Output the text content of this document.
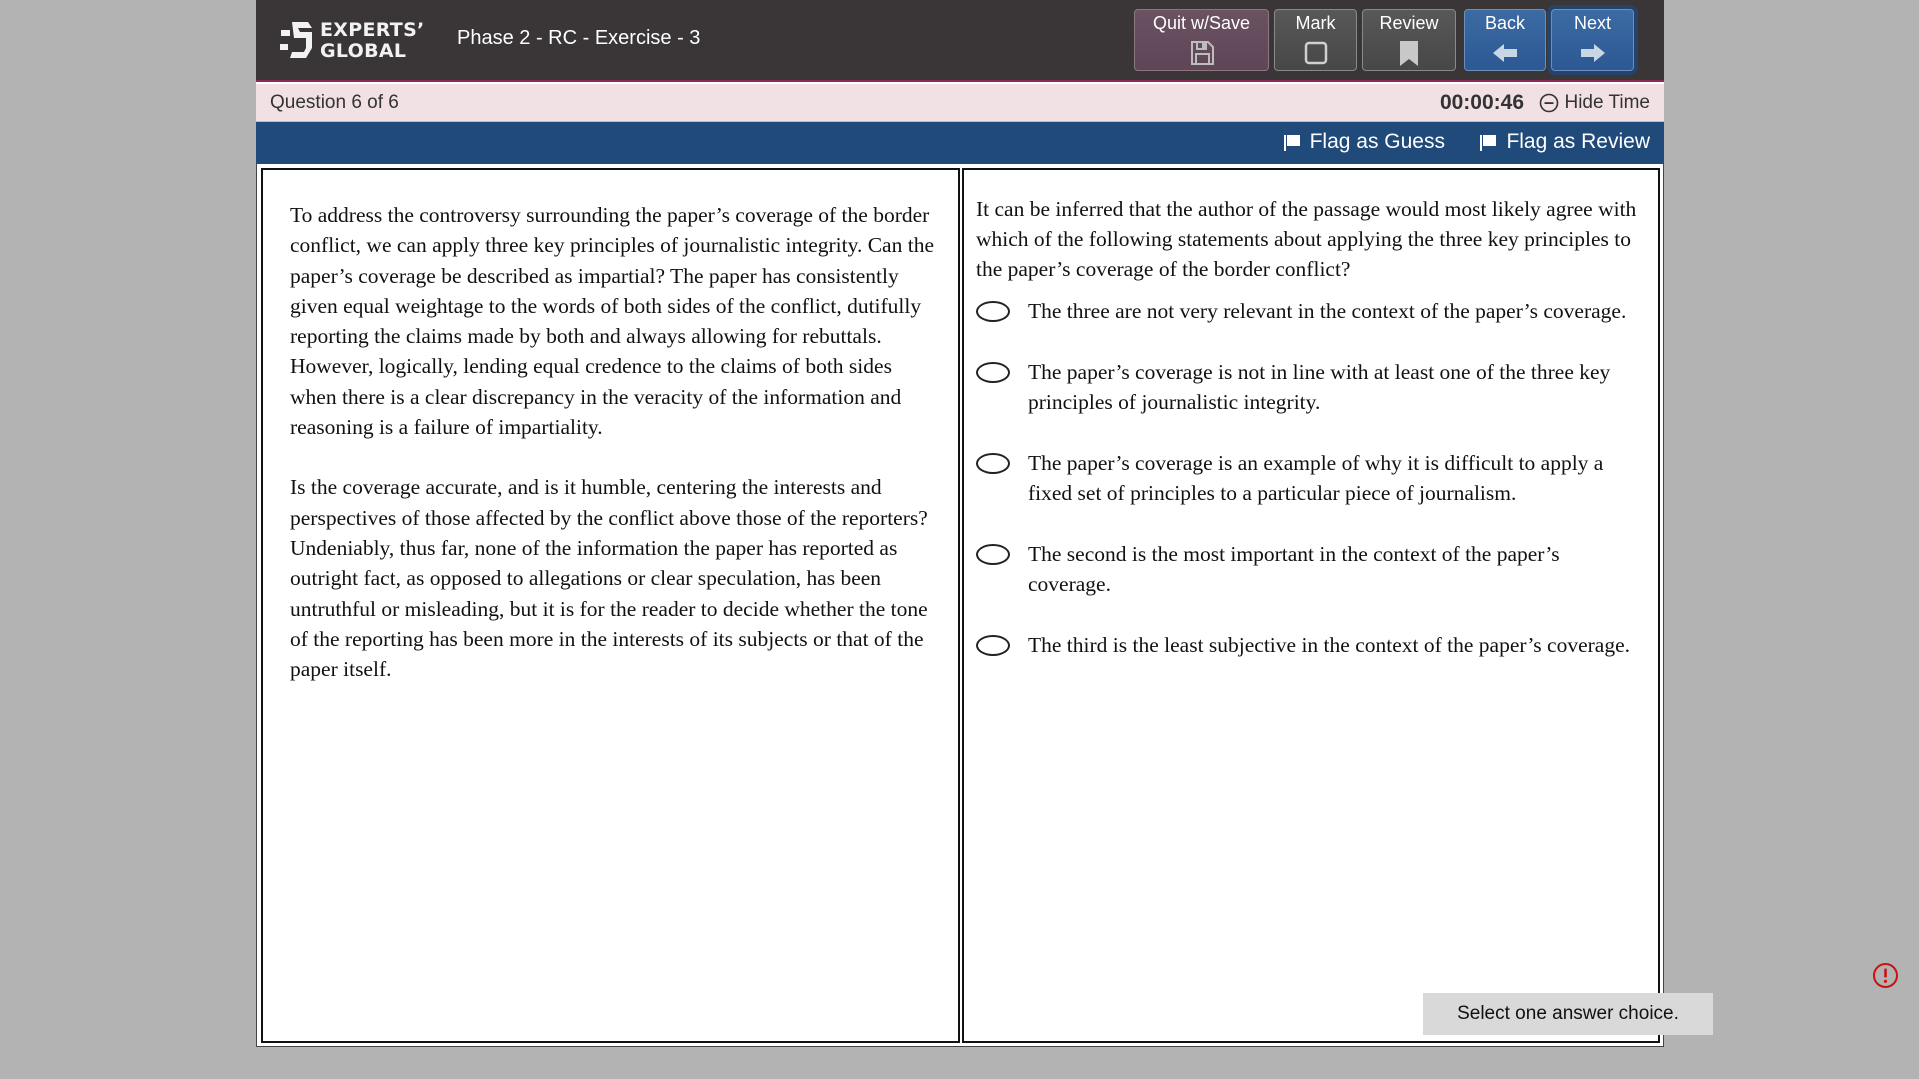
EXPERTS’
GLOBAL
Phase 2 - RC - Exercise - 3
Quit w/Save	Mark	Review	Back	Next
Question 6 of 6	00:00:46 Hide Time
Flag as Guess	Flag as Review

To address the controversy surrounding the paper’s coverage of the border conflict, we can apply three key principles of journalistic integrity. Can the paper’s coverage be described as impartial? The paper has consistently given equal weightage to the words of both sides of the conflict, dutifully reporting the claims made by both and always allowing for rebuttals. However, logically, lending equal credence to the claims of both sides when there is a clear discrepancy in the veracity of the information and reasoning is a failure of impartiality.

Is the coverage accurate, and is it humble, centering the interests and perspectives of those affected by the conflict above those of the reporters? Undeniably, thus far, none of the information the paper has reported as outright fact, as opposed to allegations or clear speculation, has been untruthful or misleading, but it is for the reader to decide whether the tone of the reporting has been more in the interests of its subjects or that of the paper itself.

It can be inferred that the author of the passage would most likely agree with which of the following statements about applying the three key principles to the paper’s coverage of the border conflict?
The three are not very relevant in the context of the paper’s coverage.
The paper’s coverage is not in line with at least one of the three key principles of journalistic integrity.
The paper’s coverage is an example of why it is difficult to apply a fixed set of principles to a particular piece of journalism.
The second is the most important in the context of the paper’s coverage.
The third is the least subjective in the context of the paper’s coverage.
Select one answer choice.
